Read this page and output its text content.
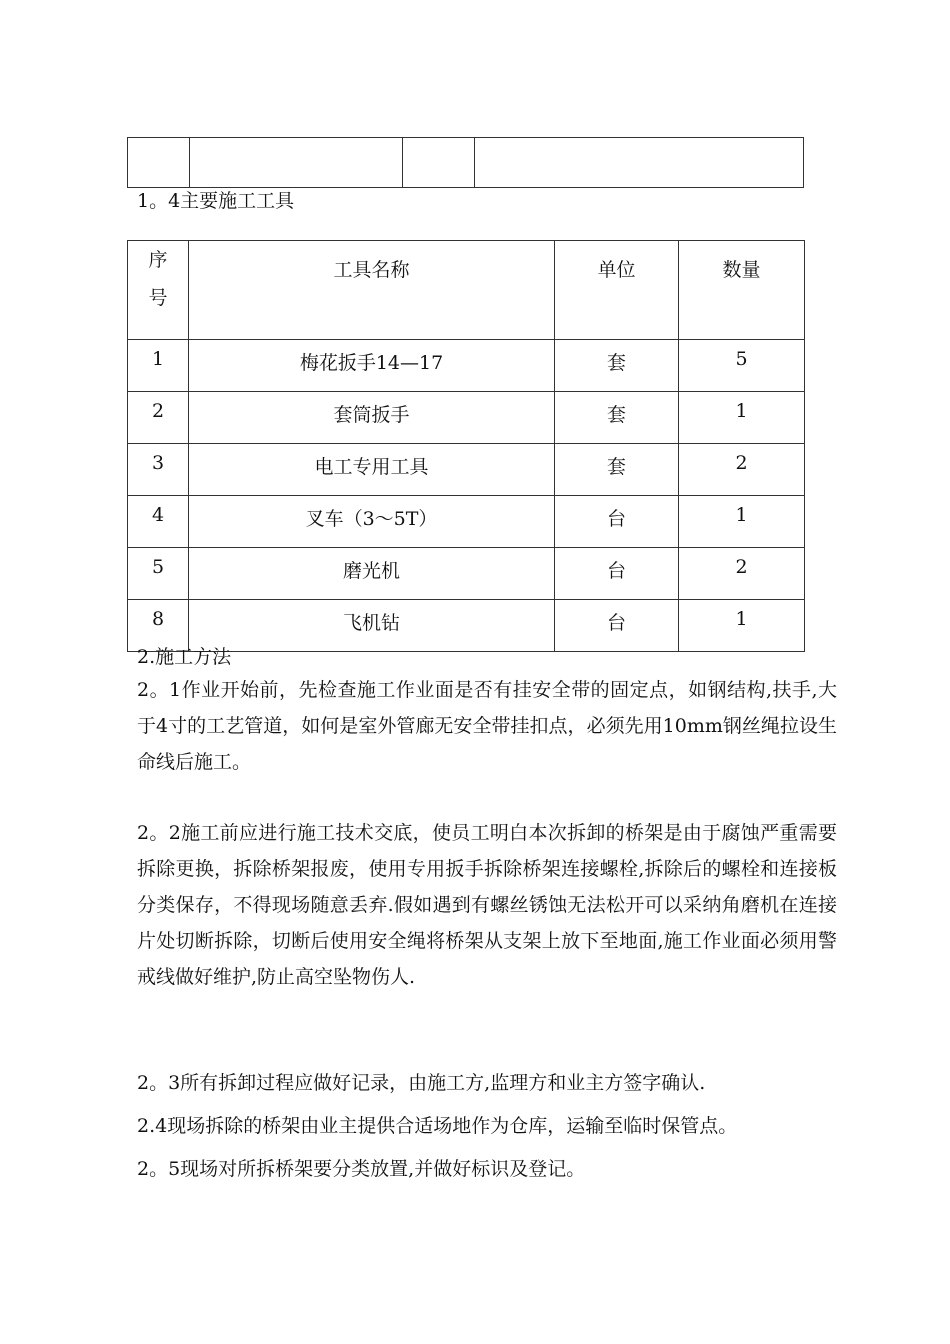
1。4主要施工工具
序号	工具名称	单位	数量
1	梅花扳手14—17	套	5
2	套筒扳手	套	1
3	电工专用工具	套	2
4	叉车（3～5T）	台	1
5	磨光机	台	2
8	飞机钻	台	1
2.施工方法

2。1作业开始前，先检查施工作业面是否有挂安全带的固定点，如钢结构,扶手,大于4寸的工艺管道，如何是室外管廊无安全带挂扣点，必须先用10mm钢丝绳拉设生命线后施工。

2。2施工前应进行施工技术交底，使员工明白本次拆卸的桥架是由于腐蚀严重需要拆除更换，拆除桥架报废，使用专用扳手拆除桥架连接螺栓,拆除后的螺栓和连接板分类保存，不得现场随意丢弃.假如遇到有螺丝锈蚀无法松开可以采纳角磨机在连接片处切断拆除，切断后使用安全绳将桥架从支架上放下至地面,施工作业面必须用警戒线做好维护,防止高空坠物伤人.

2。3所有拆卸过程应做好记录，由施工方,监理方和业主方签字确认.

2.4现场拆除的桥架由业主提供合适场地作为仓库，运输至临时保管点。

2。5现场对所拆桥架要分类放置,并做好标识及登记。
